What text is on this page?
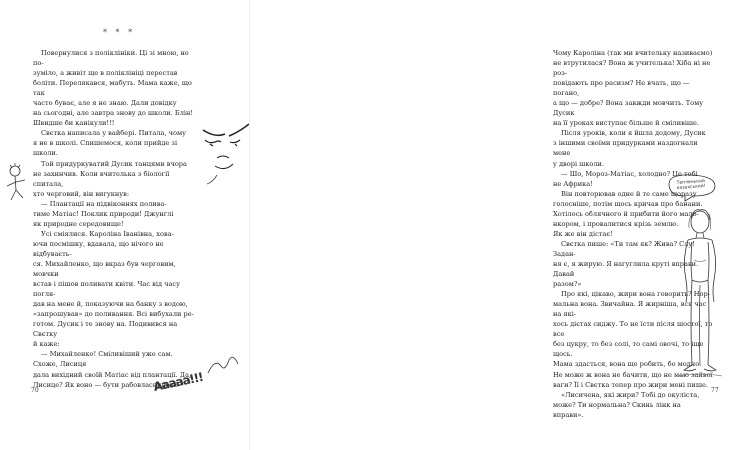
* * *

Повернулися з поліклініки. Ці зі мною, не по-
зуміло, а живіт ще в поліклініці перестав
боліти. Перелякався, мабуть. Мама каже, що так
часто буває, але я не знаю. Дали довідку
на сьогодні, але завтра знову до школи. Блін!
Швидше би канікули!!!

Свєтка написала у вайбері. Питала, чому
я не в школі. Спишемося, коли прийде зі школи.

Той придуркуватий Дусик танцями вчора
не захинчив. Коли вчителька з біології спитала,
хто черговий, він вигукнув:

— Плантації на підвіконнях полива-
тиме Матіас! Поклик природи! Джунглі
як природне середовище!

Усі сміялися. Кароліна Іванівна, хова-
ючи посмішку, вдавала, що нічого не відбуваєть-
ся. Михайленко, що вкраз був черговим, мовчки
встав і пішов поливати квіти. Час від часу погля-
дав на мене й, показуючи на банку з водою,
«запрошував» до поливання. Всі вибухали ре-
готом. Дусик і те знову на. Подивився на Свєтку
й каже:

— Михайленко! Сміливіший уже сам. Схоже, Лисиця
дала вихідний своїй Матіас від плантації. Да,
Лисице? Як воно — бути рабовласницею?

Ааааа!!!
70

Чому Кароліна (так ми вчительку називаємо)
не втрутилася? Вона ж учителька! Хіба ні не роз-
повідають про расизм? Не вчать, що — погано,
а що — добре? Вона завжди мовчить. Тому Дусик
на її уроках виступає більше й сміливіше.

Після уроків, коли я йшла додому, Дусик
з іншими своїми придурками наздогнали мене
у дворі школи.

— Шо, Мороз-Матіас, холодно? Це тобі
не Африка!

Він повторював одне й те саме щоразу
голосніше, потім щось кричав про банани.
Хотілось облячного й прибити його мало-
нкором, і провалитися крізь землю.
Як же він дістає!

Свєтка пише: «Ти там як? Жива? Слу! Задан-
ня є, я жирую. Я нагуглила круті вправи. Давай
разом?»

Про які, цікаво, жири вона говорить? Нор-
мальна вона. Звичайна. Я жирніша, вся час на які-
хось дієтах сиджу. То не їсти після шостої, то все
без цукру, то без солі, то самі овочі, то іще щось.
Мама здасться, вона ще робить, бо модно.
Не може ж вона не бачити, що не маю зайвої
ваги? Її і Свєтка тепер про жири мені пише.

«Лисичена, які жири? Тобі до окуліста,
може? Ти нормальна? Скинь лінк на вправи».

Тепленький казахський!
77
